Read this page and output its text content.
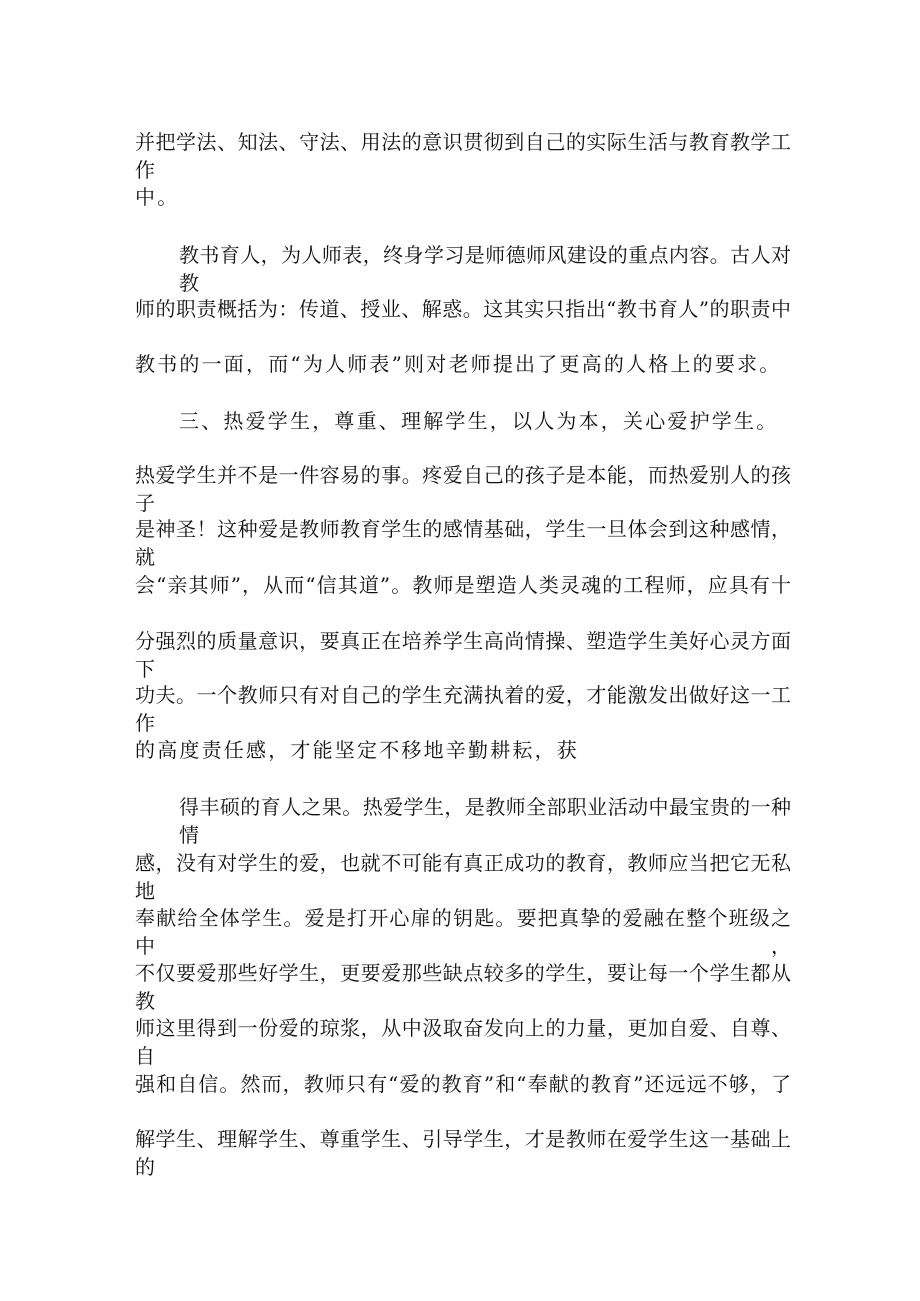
并把学法、知法、守法、用法的意识贯彻到自己的实际生活与教育教学工作

中。

教书育人，为人师表，终身学习是师德师风建设的重点内容。古人对教

师的职责概括为：传道、授业、解惑。这其实只指出“教书育人”的职责中

教书的一面，而“为人师表”则对老师提出了更高的人格上的要求。

三、热爱学生，尊重、理解学生，以人为本，关心爱护学生。

热爱学生并不是一件容易的事。疼爱自己的孩子是本能，而热爱别人的孩子

是神圣！这种爱是教师教育学生的感情基础，学生一旦体会到这种感情，就

会“亲其师”，从而“信其道”。教师是塑造人类灵魂的工程师，应具有十

分强烈的质量意识，要真正在培养学生高尚情操、塑造学生美好心灵方面下

功夫。一个教师只有对自己的学生充满执着的爱，才能激发出做好这一工作

的高度责任感，才能坚定不移地辛勤耕耘，获

得丰硕的育人之果。热爱学生，是教师全部职业活动中最宝贵的一种情

感，没有对学生的爱，也就不可能有真正成功的教育，教师应当把它无私地

奉献给全体学生。爱是打开心扉的钥匙。要把真挚的爱融在整个班级之中，

不仅要爱那些好学生，更要爱那些缺点较多的学生，要让每一个学生都从教

师这里得到一份爱的琼浆，从中汲取奋发向上的力量，更加自爱、自尊、自

强和自信。然而，教师只有“爱的教育”和“奉献的教育”还远远不够，了

解学生、理解学生、尊重学生、引导学生，才是教师在爱学生这一基础上的
